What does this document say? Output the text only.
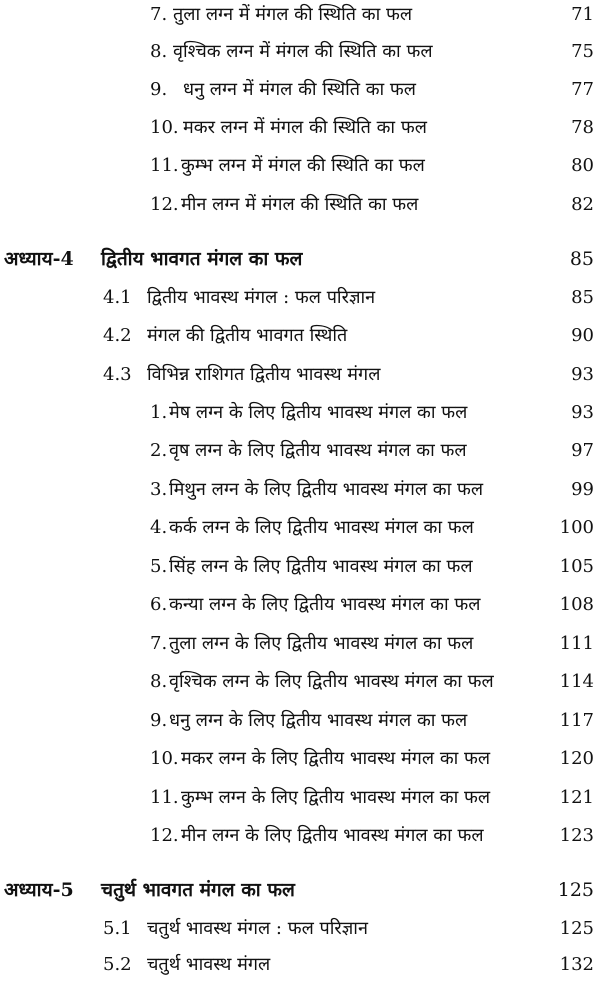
7. तुला लग्न में मंगल की स्थिति का फल	71
8. वृश्चिक लग्न में मंगल की स्थिति का फल	75
9. धनु लग्न में मंगल की स्थिति का फल	77
10. मकर लग्न में मंगल की स्थिति का फल	78
11. कुम्भ लग्न में मंगल की स्थिति का फल	80
12. मीन लग्न में मंगल की स्थिति का फल	82
अध्याय-4 द्वितीय भावगत मंगल का फल	85
4.1 द्वितीय भावस्थ मंगल : फल परिज्ञान	85
4.2 मंगल की द्वितीय भावगत स्थिति	90
4.3 विभिन्न राशिगत द्वितीय भावस्थ मंगल	93
1. मेष लग्न के लिए द्वितीय भावस्थ मंगल का फल	93
2. वृष लग्न के लिए द्वितीय भावस्थ मंगल का फल	97
3. मिथुन लग्न के लिए द्वितीय भावस्थ मंगल का फल	99
4. कर्क लग्न के लिए द्वितीय भावस्थ मंगल का फल	100
5. सिंह लग्न के लिए द्वितीय भावस्थ मंगल का फल	105
6. कन्या लग्न के लिए द्वितीय भावस्थ मंगल का फल	108
7. तुला लग्न के लिए द्वितीय भावस्थ मंगल का फल	111
8. वृश्चिक लग्न के लिए द्वितीय भावस्थ मंगल का फल	114
9. धनु लग्न के लिए द्वितीय भावस्थ मंगल का फल	117
10. मकर लग्न के लिए द्वितीय भावस्थ मंगल का फल	120
11. कुम्भ लग्न के लिए द्वितीय भावस्थ मंगल का फल	121
12. मीन लग्न के लिए द्वितीय भावस्थ मंगल का फल	123
अध्याय-5 चतुर्थ भावगत मंगल का फल	125
5.1 चतुर्थ भावस्थ मंगल : फल परिज्ञान	125
5.2 चतुर्थ भावस्थ मंगल	132
